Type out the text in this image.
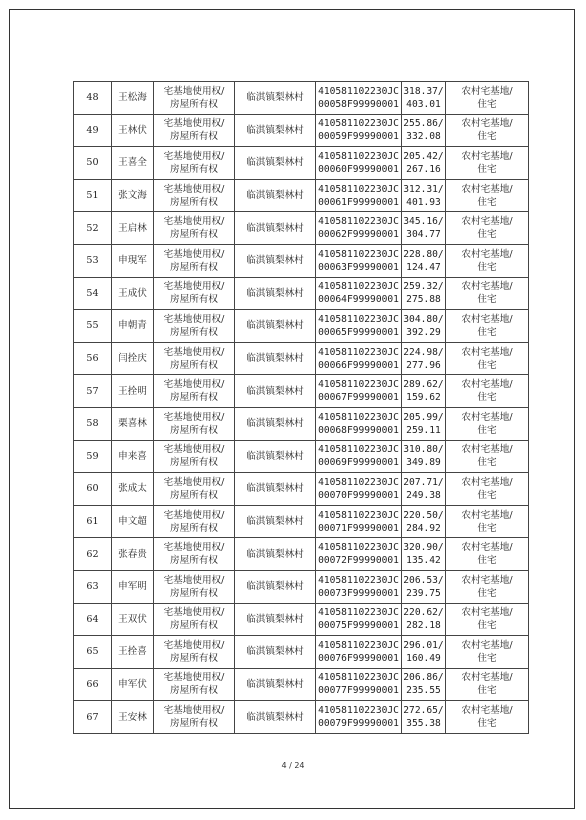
48	王松海	宅基地使用权/
房屋所有权	临淇镇梨林村	410581102230JC
00058F99990001	318.37/
403.01	农村宅基地/
住宅

49	王林伏	宅基地使用权/
房屋所有权	临淇镇梨林村	410581102230JC
00059F99990001	255.86/
332.08	农村宅基地/
住宅

50	王喜全	宅基地使用权/
房屋所有权	临淇镇梨林村	410581102230JC
00060F99990001	205.42/
267.16	农村宅基地/
住宅

51	张文海	宅基地使用权/
房屋所有权	临淇镇梨林村	410581102230JC
00061F99990001	312.31/
401.93	农村宅基地/
住宅

52	王启林	宅基地使用权/
房屋所有权	临淇镇梨林村	410581102230JC
00062F99990001	345.16/
304.77	农村宅基地/
住宅

53	申現军	宅基地使用权/
房屋所有权	临淇镇梨林村	410581102230JC
00063F99990001	228.80/
124.47	农村宅基地/
住宅

54	王成伏	宅基地使用权/
房屋所有权	临淇镇梨林村	410581102230JC
00064F99990001	259.32/
275.88	农村宅基地/
住宅

55	申朝青	宅基地使用权/
房屋所有权	临淇镇梨林村	410581102230JC
00065F99990001	304.80/
392.29	农村宅基地/
住宅

56	闫拴庆	宅基地使用权/
房屋所有权	临淇镇梨林村	410581102230JC
00066F99990001	224.98/
277.96	农村宅基地/
住宅

57	王拴明	宅基地使用权/
房屋所有权	临淇镇梨林村	410581102230JC
00067F99990001	289.62/
159.62	农村宅基地/
住宅

58	栗喜林	宅基地使用权/
房屋所有权	临淇镇梨林村	410581102230JC
00068F99990001	205.99/
259.11	农村宅基地/
住宅

59	申来喜	宅基地使用权/
房屋所有权	临淇镇梨林村	410581102230JC
00069F99990001	310.80/
349.89	农村宅基地/
住宅

60	张成太	宅基地使用权/
房屋所有权	临淇镇梨林村	410581102230JC
00070F99990001	207.71/
249.38	农村宅基地/
住宅

61	申文超	宅基地使用权/
房屋所有权	临淇镇梨林村	410581102230JC
00071F99990001	220.50/
284.92	农村宅基地/
住宅

62	张春贵	宅基地使用权/
房屋所有权	临淇镇梨林村	410581102230JC
00072F99990001	320.90/
135.42	农村宅基地/
住宅

63	申军明	宅基地使用权/
房屋所有权	临淇镇梨林村	410581102230JC
00073F99990001	206.53/
239.75	农村宅基地/
住宅

64	王双伏	宅基地使用权/
房屋所有权	临淇镇梨林村	410581102230JC
00075F99990001	220.62/
282.18	农村宅基地/
住宅

65	王拴喜	宅基地使用权/
房屋所有权	临淇镇梨林村	410581102230JC
00076F99990001	296.01/
160.49	农村宅基地/
住宅

66	申军伏	宅基地使用权/
房屋所有权	临淇镇梨林村	410581102230JC
00077F99990001	206.86/
235.55	农村宅基地/
住宅

67	王安林	宅基地使用权/
房屋所有权	临淇镇梨林村	410581102230JC
00079F99990001	272.65/
355.38	农村宅基地/
住宅
4 / 24
